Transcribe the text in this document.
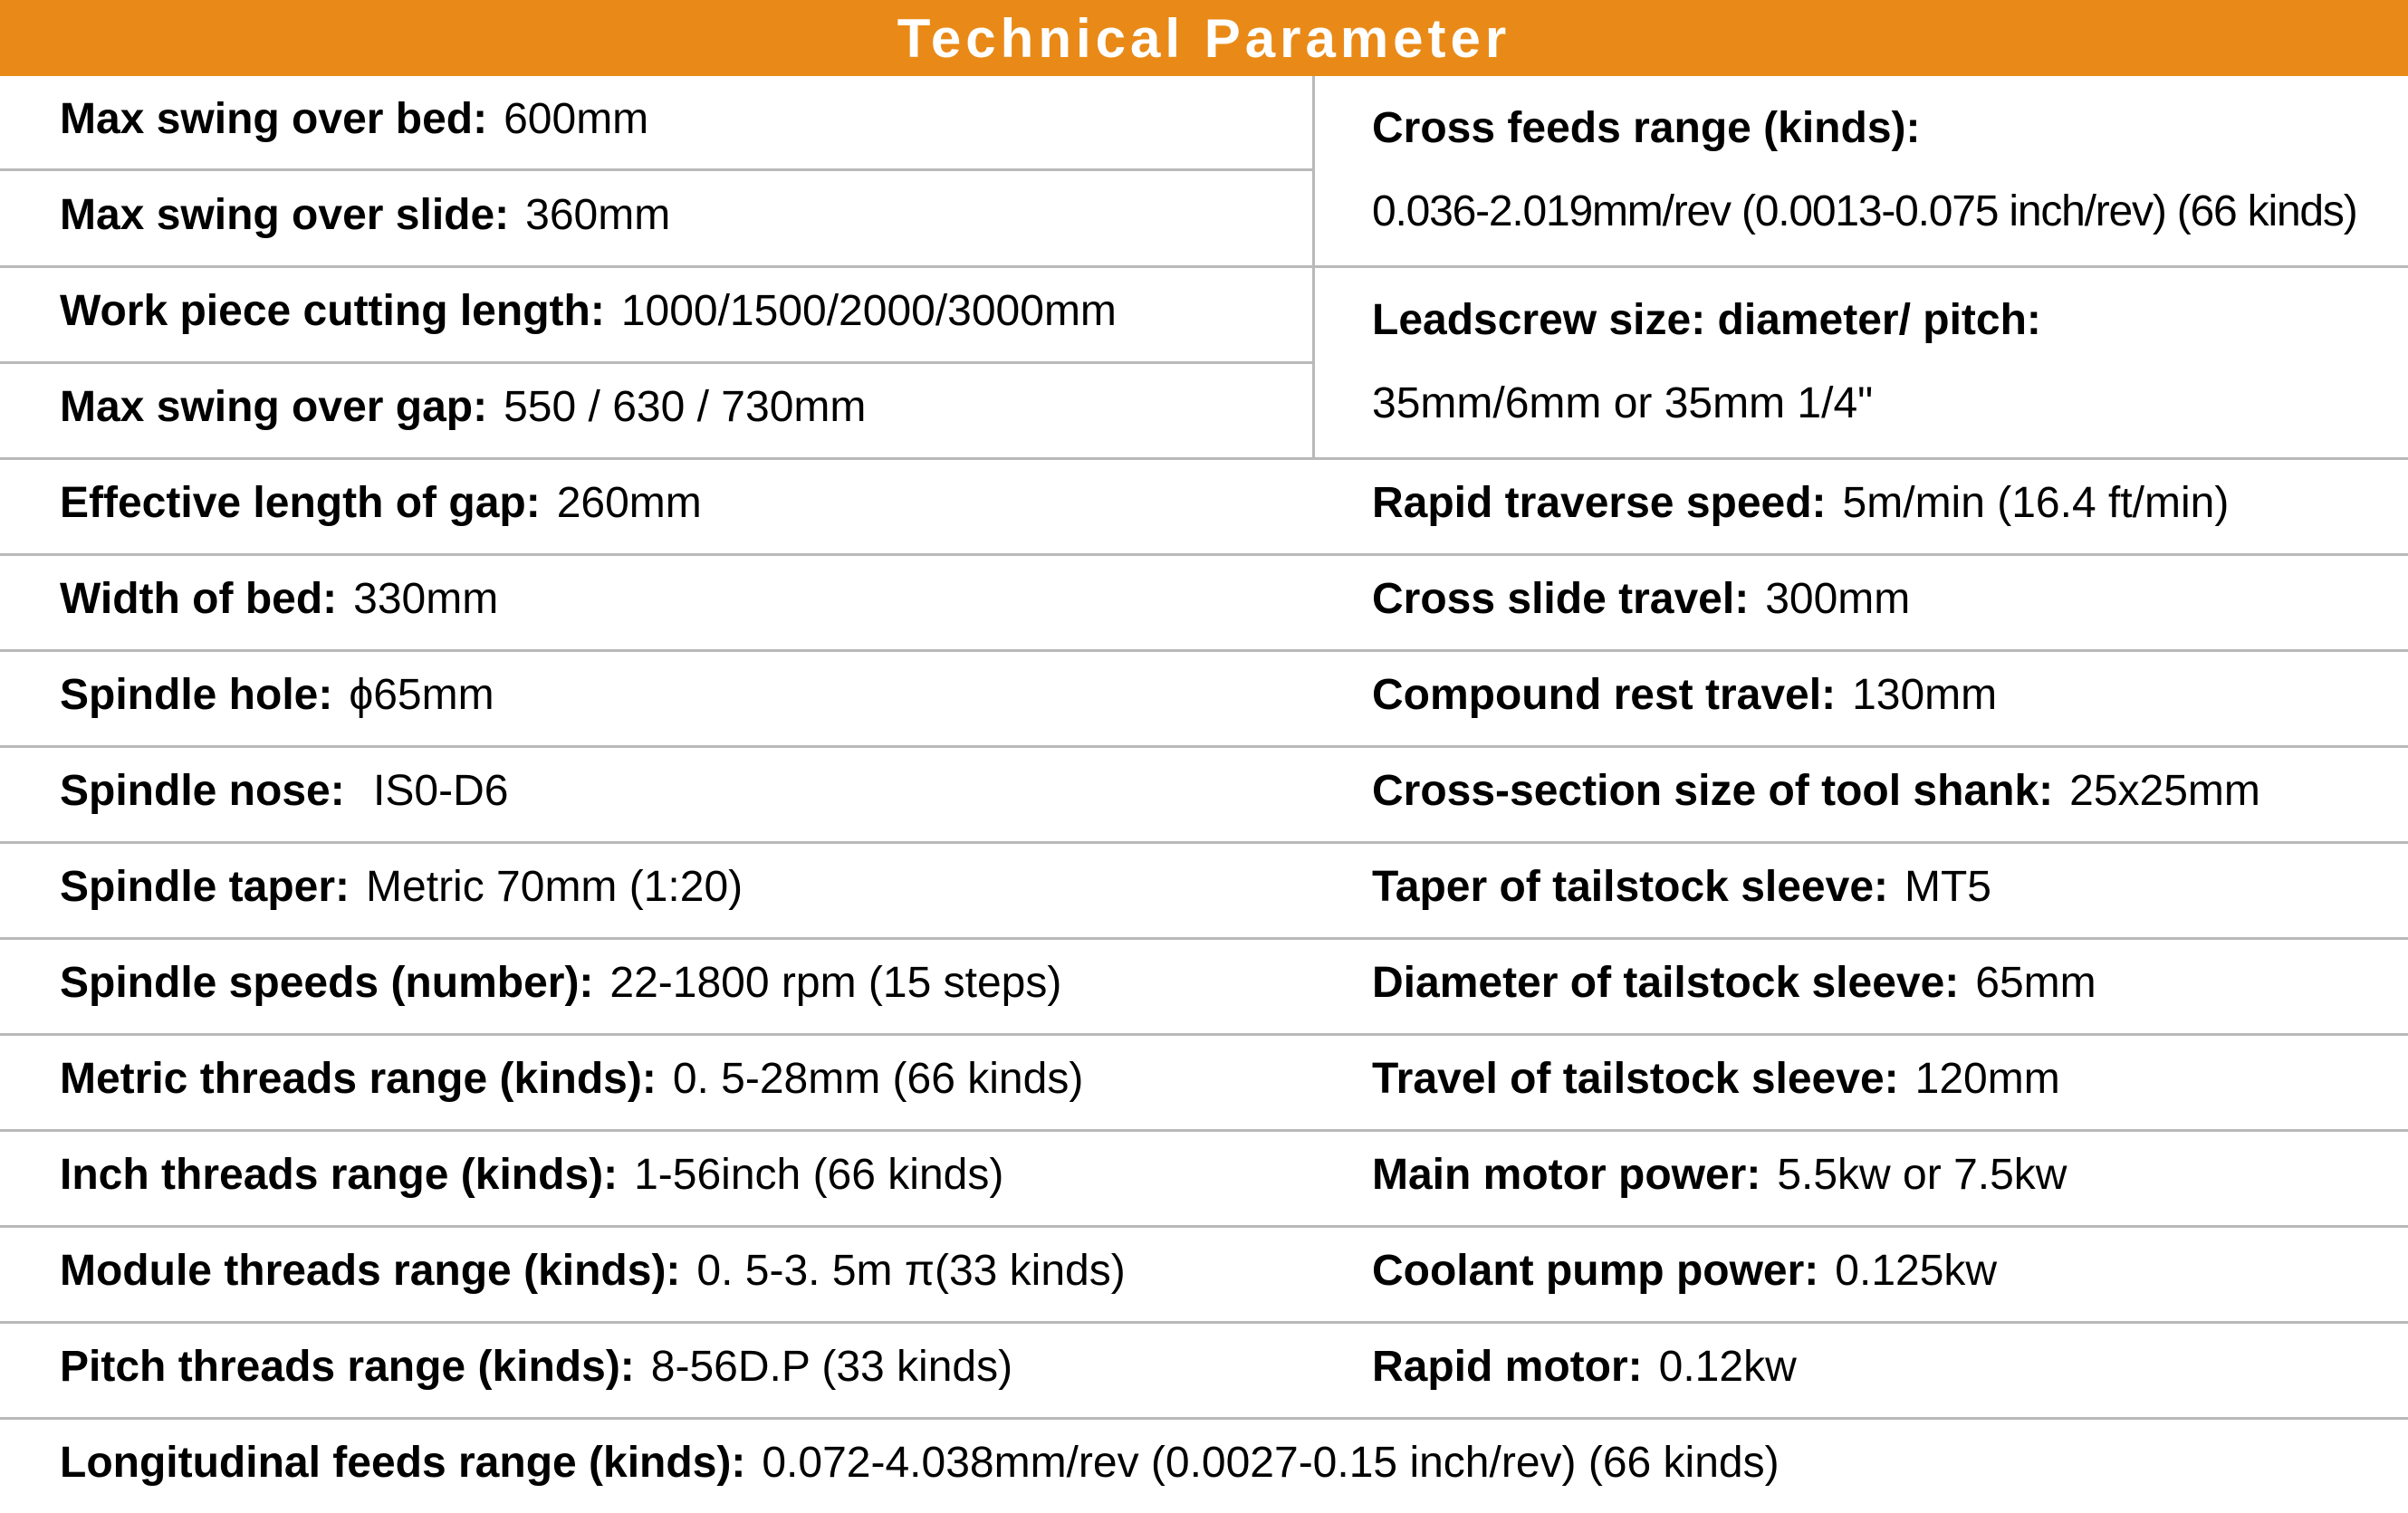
Technical Parameter
Max swing over bed: 600mm
Max swing over slide: 360mm
Work piece cutting length: 1000/1500/2000/3000mm
Max swing over gap: 550 / 630 / 730mm
Effective length of gap: 260mm
Width of bed: 330mm
Spindle hole: ϕ65mm
Spindle nose: IS0-D6
Spindle taper: Metric 70mm (1:20)
Spindle speeds (number): 22-1800 rpm (15 steps)
Metric threads range (kinds): 0. 5-28mm (66 kinds)
Inch threads range (kinds): 1-56inch (66 kinds)
Module threads range (kinds): 0. 5-3. 5m π(33 kinds)
Pitch threads range (kinds): 8-56D.P (33 kinds)
Cross feeds range (kinds):
0.036-2.019mm/rev (0.0013-0.075 inch/rev) (66 kinds)
Leadscrew size: diameter/ pitch:
35mm/6mm or 35mm 1/4"
Rapid traverse speed: 5m/min (16.4 ft/min)
Cross slide travel: 300mm
Compound rest travel: 130mm
Cross-section size of tool shank: 25x25mm
Taper of tailstock sleeve: MT5
Diameter of tailstock sleeve: 65mm
Travel of tailstock sleeve: 120mm
Main motor power: 5.5kw or 7.5kw
Coolant pump power: 0.125kw
Rapid motor: 0.12kw
Longitudinal feeds range (kinds): 0.072-4.038mm/rev (0.0027-0.15 inch/rev) (66 kinds)
